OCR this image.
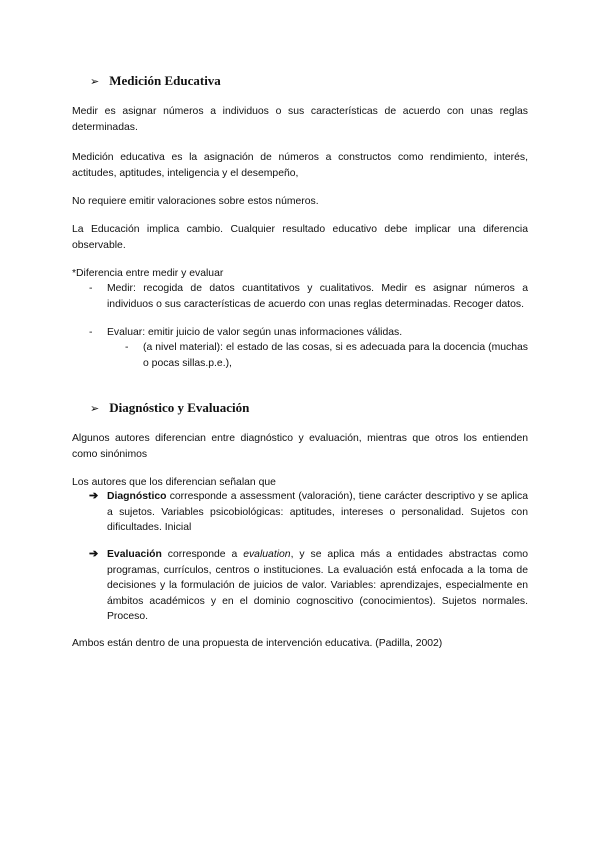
➢ Medición Educativa

Medir es asignar números a individuos o sus características de acuerdo con unas reglas determinadas.

Medición educativa es la asignación de números a constructos como rendimiento, interés, actitudes, aptitudes, inteligencia y el desempeño,

No requiere emitir valoraciones sobre estos números.

La Educación implica cambio. Cualquier resultado educativo debe implicar una diferencia observable.

*Diferencia entre medir y evaluar

- Medir: recogida de datos cuantitativos y cualitativos. Medir es asignar números a individuos o sus características de acuerdo con unas reglas determinadas. Recoger datos.

- Evaluar: emitir juicio de valor según unas informaciones válidas.

- (a nivel material): el estado de las cosas, si es adecuada para la docencia (muchas o pocas sillas.p.e.),

➢ Diagnóstico y Evaluación

Algunos autores diferencian entre diagnóstico y evaluación, mientras que otros los entienden como sinónimos

Los autores que los diferencian señalan que

➔ Diagnóstico corresponde a assessment (valoración), tiene carácter descriptivo y se aplica a sujetos. Variables psicobiológicas: aptitudes, intereses o personalidad. Sujetos con dificultades. Inicial

➔ Evaluación corresponde a evaluation, y se aplica más a entidades abstractas como programas, currículos, centros o instituciones. La evaluación está enfocada a la toma de decisiones y la formulación de juicios de valor. Variables: aprendizajes, especialmente en ámbitos académicos y en el dominio cognoscitivo (conocimientos). Sujetos normales. Proceso.

Ambos están dentro de una propuesta de intervención educativa. (Padilla, 2002)
